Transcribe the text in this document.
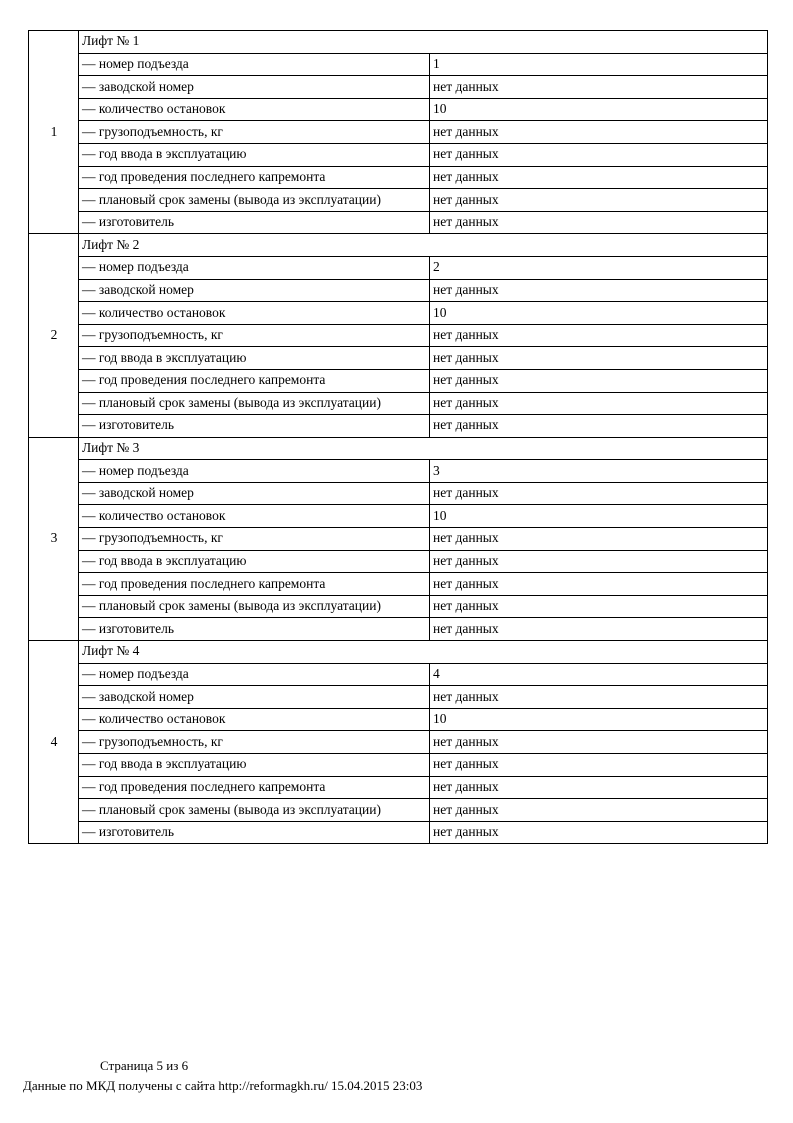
1	Лифт № 1	
	— номер подъезда	1
	— заводской номер	нет данных
	— количество остановок	10
	— грузоподъемность, кг	нет данных
	— год ввода в эксплуатацию	нет данных
	— год проведения последнего капремонта	нет данных
	— плановый срок замены (вывода из эксплуатации)	нет данных
	— изготовитель	нет данных
2	Лифт № 2	
	— номер подъезда	2
	— заводской номер	нет данных
	— количество остановок	10
	— грузоподъемность, кг	нет данных
	— год ввода в эксплуатацию	нет данных
	— год проведения последнего капремонта	нет данных
	— плановый срок замены (вывода из эксплуатации)	нет данных
	— изготовитель	нет данных
3	Лифт № 3	
	— номер подъезда	3
	— заводской номер	нет данных
	— количество остановок	10
	— грузоподъемность, кг	нет данных
	— год ввода в эксплуатацию	нет данных
	— год проведения последнего капремонта	нет данных
	— плановый срок замены (вывода из эксплуатации)	нет данных
	— изготовитель	нет данных
4	Лифт № 4	
	— номер подъезда	4
	— заводской номер	нет данных
	— количество остановок	10
	— грузоподъемность, кг	нет данных
	— год ввода в эксплуатацию	нет данных
	— год проведения последнего капремонта	нет данных
	— плановый срок замены (вывода из эксплуатации)	нет данных
	— изготовитель	нет данных
Страница 5 из 6
Данные по МКД получены с сайта http://reformagkh.ru/ 15.04.2015 23:03
